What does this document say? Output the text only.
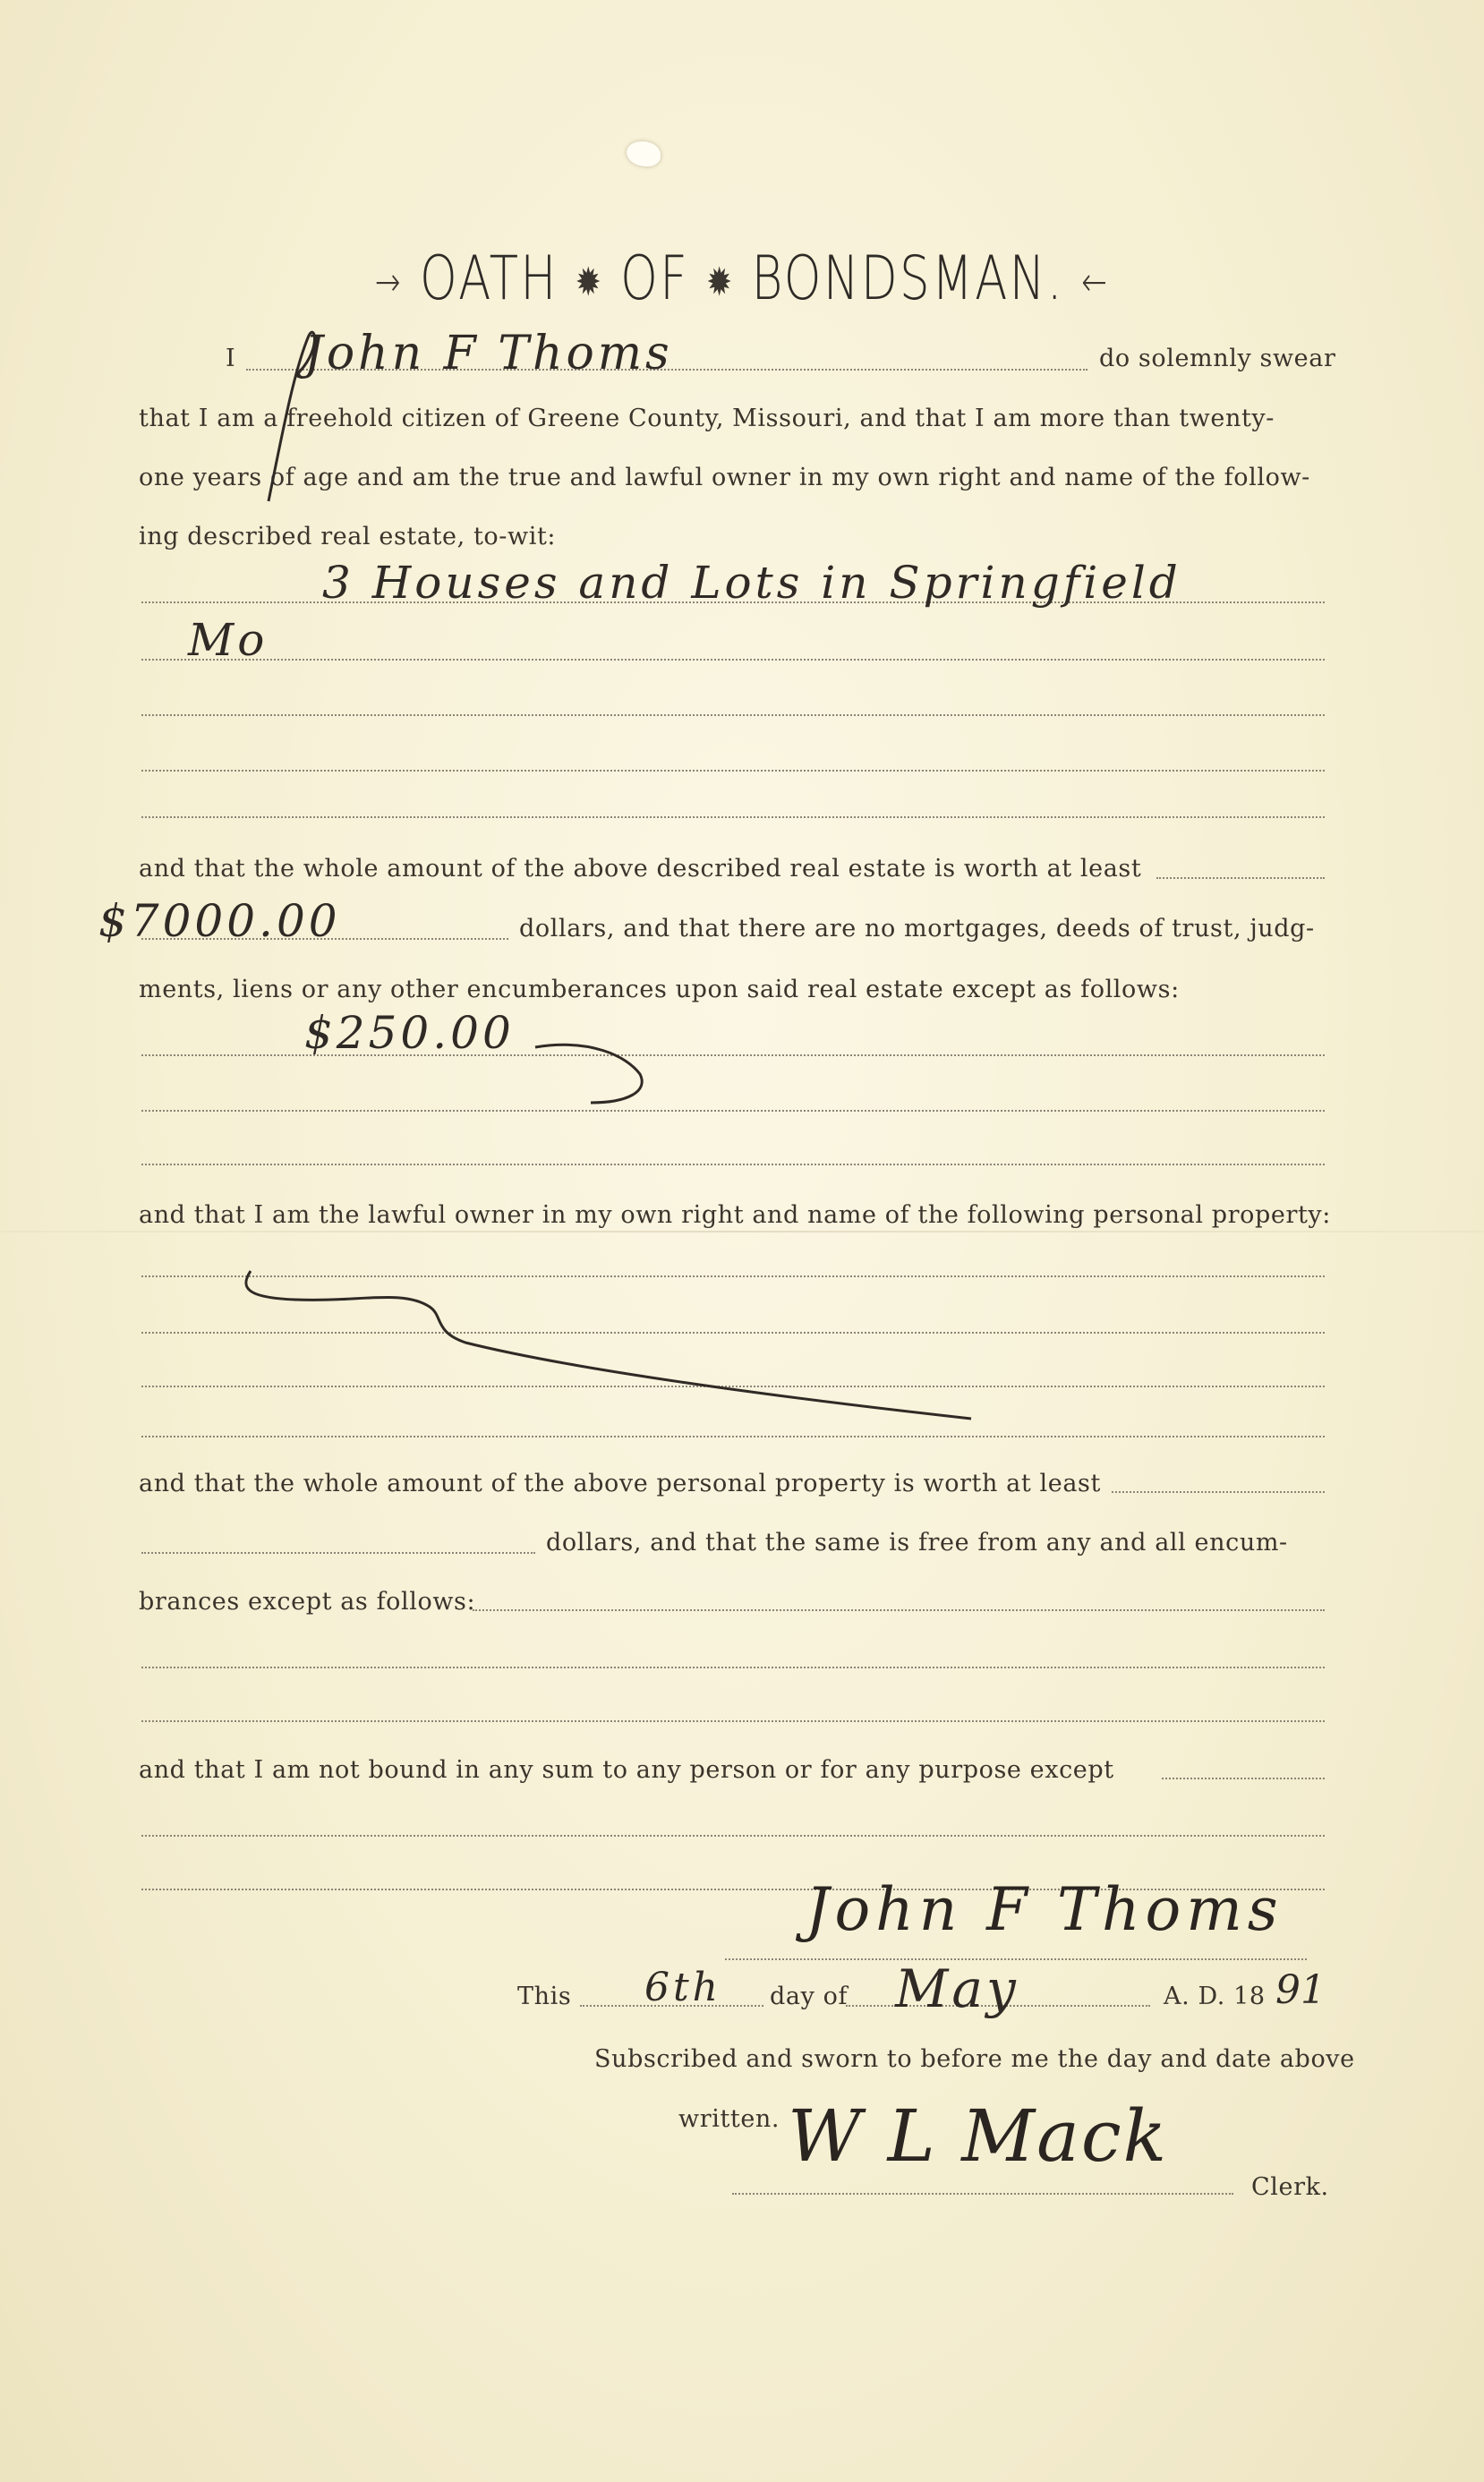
→ OATH ✹ OF ✹ BONDSMAN. ←
I John F Thoms	do solemnly swear
that I am a freehold citizen of Greene County, Missouri, and that I am more than twenty-
one years of age and am the true and lawful owner in my own right and name of the follow-
ing described real estate, to-wit:
3 Houses and Lots in Springfield
Mo
and that the whole amount of the above described real estate is worth at least
$7000.00	dollars, and that there are no mortgages, deeds of trust, judg-
ments, liens or any other encumberances upon said real estate except as follows:
$250.00
and that I am the lawful owner in my own right and name of the following personal property:
and that the whole amount of the above personal property is worth at least
dollars, and that the same is free from any and all encum-
brances except as follows:
and that I am not bound in any sum to any person or for any purpose except
John F Thoms
This 6th day of May	A. D. 18 91
Subscribed and sworn to before me the day and date above
written. W L Mack
Clerk.
